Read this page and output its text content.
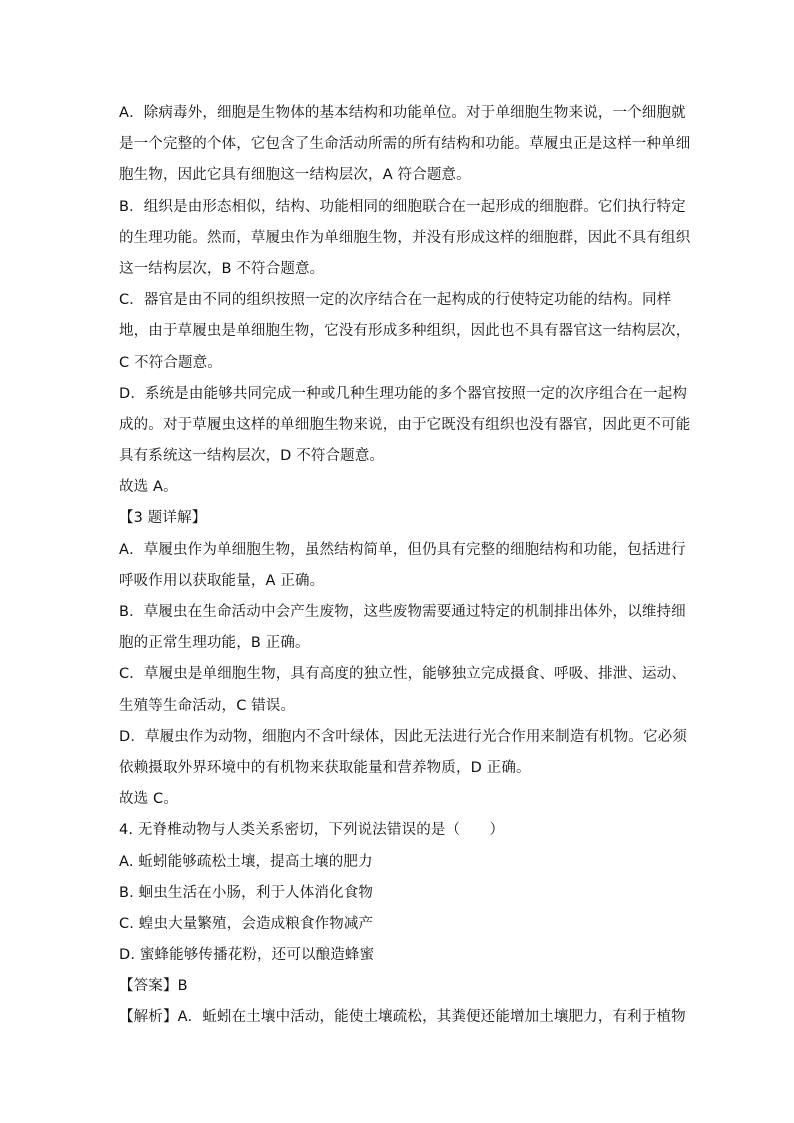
A．除病毒外，细胞是生物体的基本结构和功能单位。对于单细胞生物来说，一个细胞就
是一个完整的个体，它包含了生命活动所需的所有结构和功能。草履虫正是这样一种单细
胞生物，因此它具有细胞这一结构层次，A 符合题意。
B．组织是由形态相似，结构、功能相同的细胞联合在一起形成的细胞群。它们执行特定
的生理功能。然而，草履虫作为单细胞生物，并没有形成这样的细胞群，因此不具有组织
这一结构层次，B 不符合题意。
C．器官是由不同的组织按照一定的次序结合在一起构成的行使特定功能的结构。同样
地，由于草履虫是单细胞生物，它没有形成多种组织，因此也不具有器官这一结构层次，
C 不符合题意。
D．系统是由能够共同完成一种或几种生理功能的多个器官按照一定的次序组合在一起构
成的。对于草履虫这样的单细胞生物来说，由于它既没有组织也没有器官，因此更不可能
具有系统这一结构层次，D 不符合题意。
故选 A。
【3 题详解】
A．草履虫作为单细胞生物，虽然结构简单，但仍具有完整的细胞结构和功能，包括进行
呼吸作用以获取能量，A 正确。
B．草履虫在生命活动中会产生废物，这些废物需要通过特定的机制排出体外，以维持细
胞的正常生理功能，B 正确。
C．草履虫是单细胞生物，具有高度的独立性，能够独立完成摄食、呼吸、排泄、运动、
生殖等生命活动，C 错误。
D．草履虫作为动物，细胞内不含叶绿体，因此无法进行光合作用来制造有机物。它必须
依赖摄取外界环境中的有机物来获取能量和营养物质，D 正确。
故选 C。
4. 无脊椎动物与人类关系密切，下列说法错误的是（　　）
A. 蚯蚓能够疏松土壤，提高土壤的肥力
B. 蛔虫生活在小肠，利于人体消化食物
C. 蝗虫大量繁殖，会造成粮食作物减产
D. 蜜蜂能够传播花粉，还可以酿造蜂蜜
【答案】B
【解析】A．蚯蚓在土壤中活动，能使土壤疏松，其粪便还能增加土壤肥力，有利于植物
